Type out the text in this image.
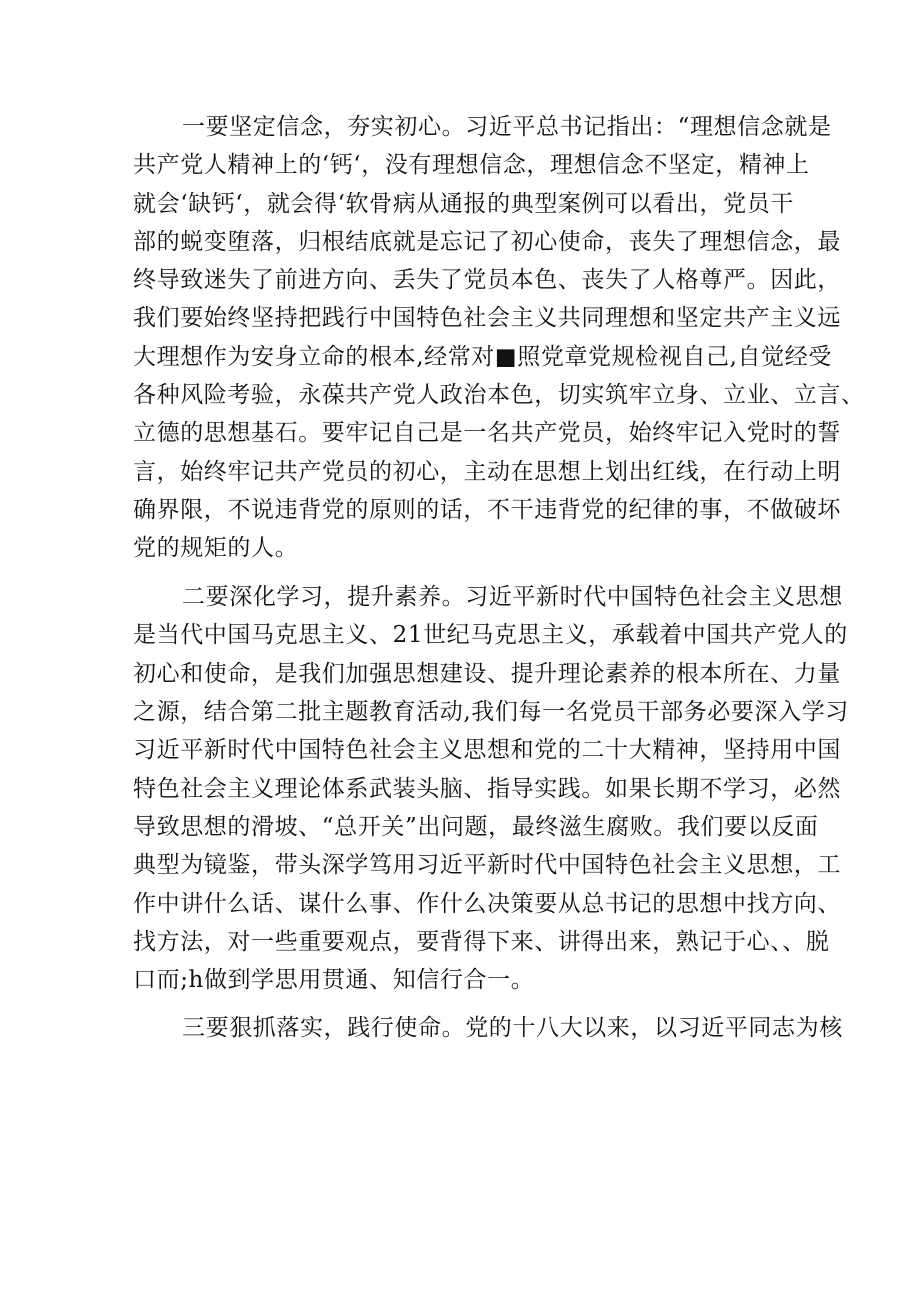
一要坚定信念，夯实初心。习近平总书记指出：“理想信念就是

共产党人精神上的‘钙‘，没有理想信念，理想信念不坚定，精神上

就会‘缺钙‘，就会得‘软骨病从通报的典型案例可以看出，党员干

部的蜕变堕落，归根结底就是忘记了初心使命，丧失了理想信念，最

终导致迷失了前进方向、丢失了党员本色、丧失了人格尊严。因此，

我们要始终坚持把践行中国特色社会主义共同理想和坚定共产主义远

大理想作为安身立命的根本,经常对■照党章党规检视自己,自觉经受

各种风险考验，永葆共产党人政治本色，切实筑牢立身、立业、立言、

立德的思想基石。要牢记自己是一名共产党员，始终牢记入党时的誓

言，始终牢记共产党员的初心，主动在思想上划出红线，在行动上明

确界限，不说违背党的原则的话，不干违背党的纪律的事，不做破坏

党的规矩的人。

二要深化学习，提升素养。习近平新时代中国特色社会主义思想

是当代中国马克思主义、21世纪马克思主义，承载着中国共产党人的

初心和使命，是我们加强思想建设、提升理论素养的根本所在、力量

之源，结合第二批主题教育活动,我们每一名党员干部务必要深入学习

习近平新时代中国特色社会主义思想和党的二十大精神，坚持用中国

特色社会主义理论体系武装头脑、指导实践。如果长期不学习，必然

导致思想的滑坡、“总开关”出问题，最终滋生腐败。我们要以反面

典型为镜鉴，带头深学笃用习近平新时代中国特色社会主义思想，工

作中讲什么话、谋什么事、作什么决策要从总书记的思想中找方向、

找方法，对一些重要观点，要背得下来、讲得出来，熟记于心、、脱

口而;h做到学思用贯通、知信行合一。

三要狠抓落实，践行使命。党的十八大以来，以习近平同志为核
